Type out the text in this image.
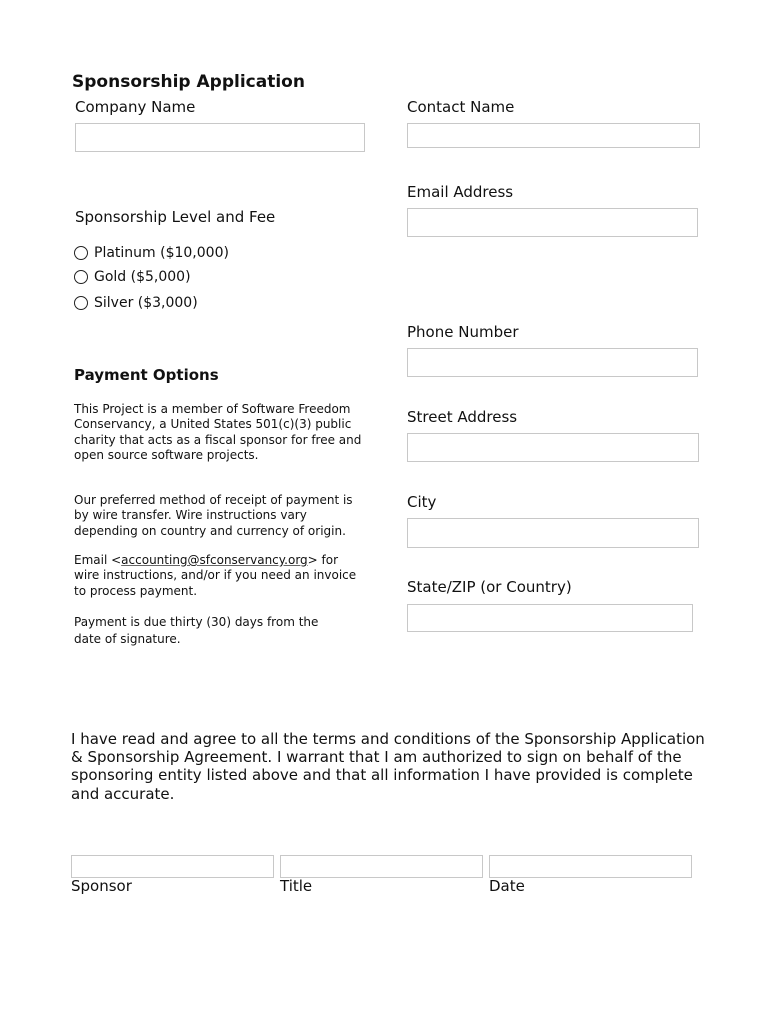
Sponsorship Application

Company Name	Contact Name

Email Address

Sponsorship Level and Fee

Platinum ($10,000)
Gold ($5,000)
Silver ($3,000)

Phone Number

Payment Options

This Project is a member of Software Freedom Conservancy, a United States 501(c)(3) public charity that acts as a fiscal sponsor for free and open source software projects.

Our preferred method of receipt of payment is by wire transfer. Wire instructions vary depending on country and currency of origin.

Email <accounting@sfconservancy.org> for wire instructions, and/or if you need an invoice to process payment.

Payment is due thirty (30) days from the date of signature.

Street Address

City

State/ZIP (or Country)

I have read and agree to all the terms and conditions of the Sponsorship Application & Sponsorship Agreement. I warrant that I am authorized to sign on behalf of the sponsoring entity listed above and that all information I have provided is complete and accurate.

Sponsor	Title	Date
